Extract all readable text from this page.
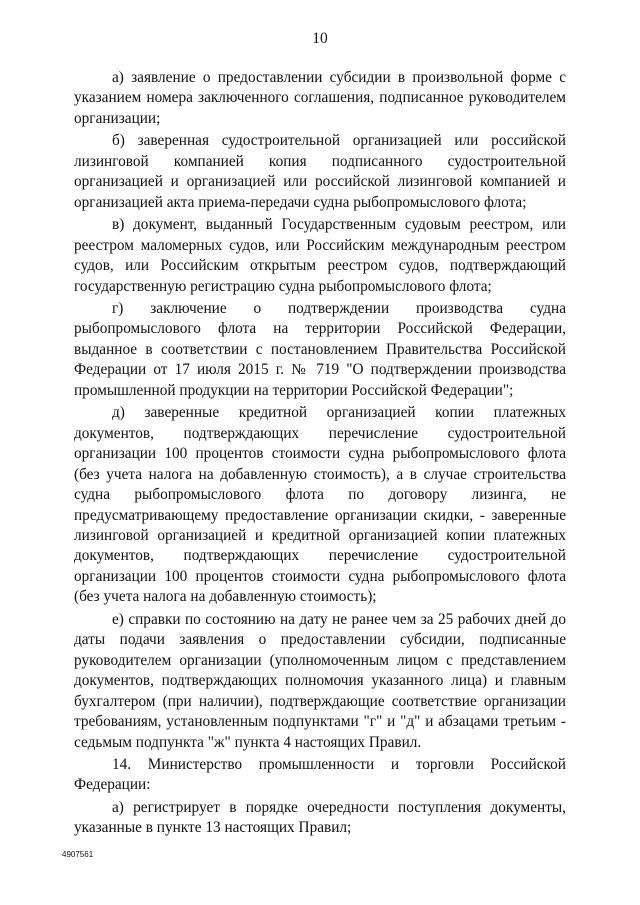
10

а) заявление о предоставлении субсидии в произвольной форме с указанием номера заключенного соглашения, подписанное руководителем организации;

б) заверенная судостроительной организацией или российской лизинговой компанией копия подписанного судостроительной организацией и организацией или российской лизинговой компанией и организацией акта приема-передачи судна рыбопромыслового флота;

в) документ, выданный Государственным судовым реестром, или реестром маломерных судов, или Российским международным реестром судов, или Российским открытым реестром судов, подтверждающий государственную регистрацию судна рыбопромыслового флота;

г) заключение о подтверждении производства судна рыбопромыслового флота на территории Российской Федерации, выданное в соответствии с постановлением Правительства Российской Федерации от 17 июля 2015 г. № 719 "О подтверждении производства промышленной продукции на территории Российской Федерации";

д) заверенные кредитной организацией копии платежных документов, подтверждающих перечисление судостроительной организации 100 процентов стоимости судна рыбопромыслового флота (без учета налога на добавленную стоимость), а в случае строительства судна рыбопромыслового флота по договору лизинга, не предусматривающему предоставление организации скидки, - заверенные лизинговой организацией и кредитной организацией копии платежных документов, подтверждающих перечисление судостроительной организации 100 процентов стоимости судна рыбопромыслового флота (без учета налога на добавленную стоимость);

е) справки по состоянию на дату не ранее чем за 25 рабочих дней до даты подачи заявления о предоставлении субсидии, подписанные руководителем организации (уполномоченным лицом с представлением документов, подтверждающих полномочия указанного лица) и главным бухгалтером (при наличии), подтверждающие соответствие организации требованиям, установленным подпунктами "г" и "д" и абзацами третьим - седьмым подпункта "ж" пункта 4 настоящих Правил.

14. Министерство промышленности и торговли Российской Федерации:

а) регистрирует в порядке очередности поступления документы, указанные в пункте 13 настоящих Правил;

4907561
